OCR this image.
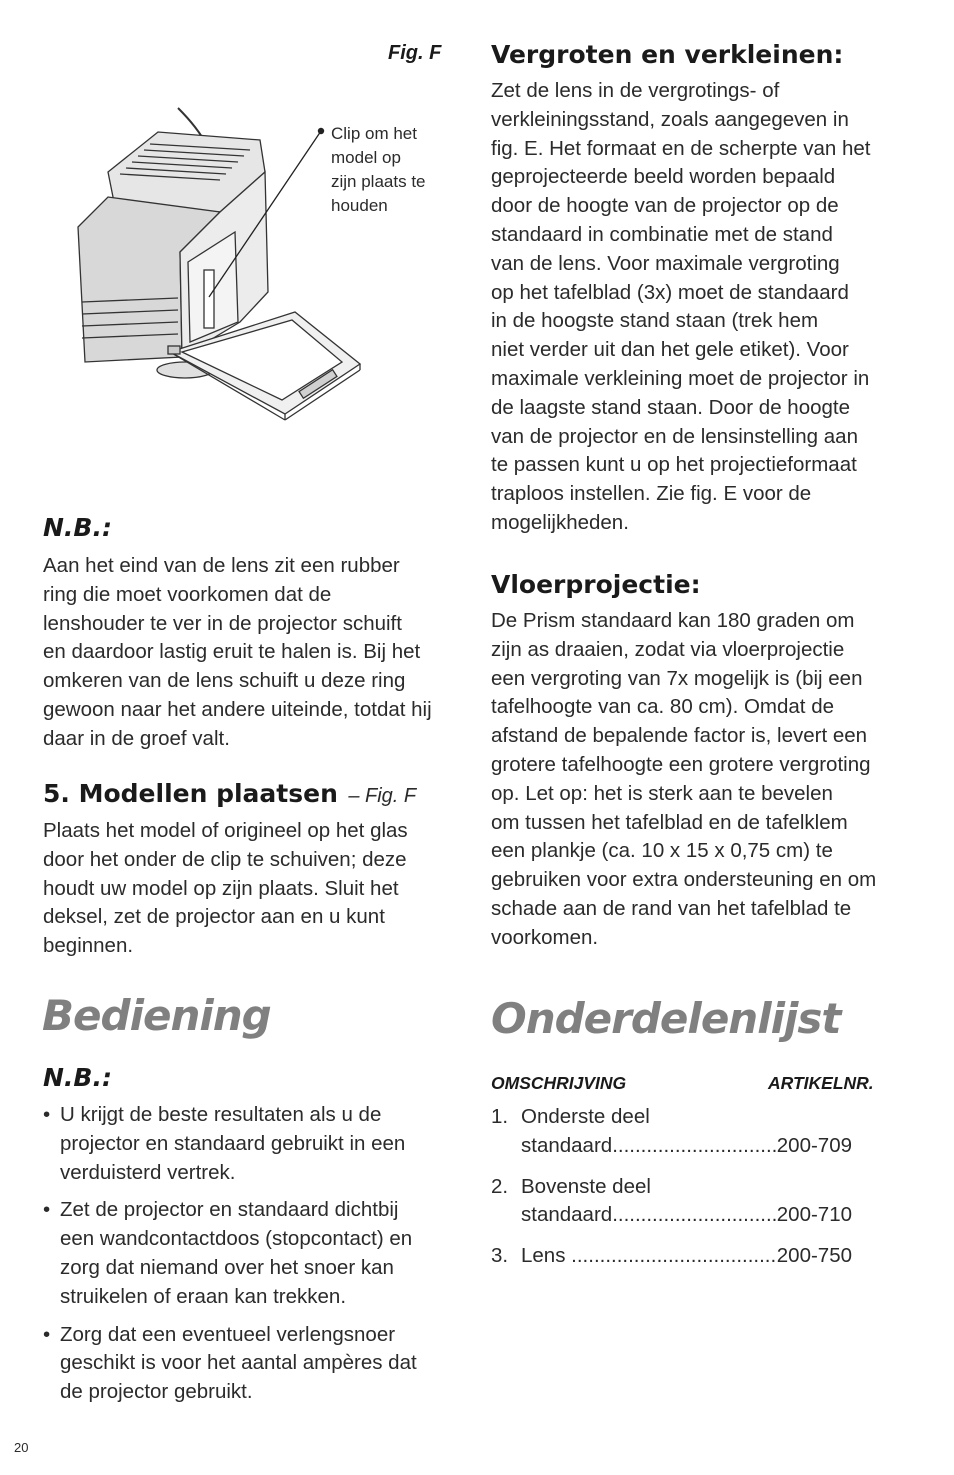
Fig. F
Clip om het
model op
zijn plaats te
houden
N.B.:
Aan het eind van de lens zit een rubber
ring die moet voorkomen dat de
lenshouder te ver in de projector schuift
en daardoor lastig eruit te halen is. Bij het
omkeren van de lens schuift u deze ring
gewoon naar het andere uiteinde, totdat hij
daar in de groef valt.
5. Modellen plaatsen – Fig. F
Plaats het model of origineel op het glas
door het onder de clip te schuiven; deze
houdt uw model op zijn plaats. Sluit het
deksel, zet de projector aan en u kunt
beginnen.
Bediening
N.B.:
• U krijgt de beste resultaten als u de
projector en standaard gebruikt in een
verduisterd vertrek.
• Zet de projector en standaard dichtbij
een wandcontactdoos (stopcontact) en
zorg dat niemand over het snoer kan
struikelen of eraan kan trekken.
• Zorg dat een eventueel verlengsnoer
geschikt is voor het aantal ampères dat
de projector gebruikt.
Vergroten en verkleinen:
Zet de lens in de vergrotings- of
verkleiningsstand, zoals aangegeven in
fig. E. Het formaat en de scherpte van het
geprojecteerde beeld worden bepaald
door de hoogte van de projector op de
standaard in combinatie met de stand
van de lens. Voor maximale vergroting
op het tafelblad (3x) moet de standaard
in de hoogste stand staan (trek hem
niet verder uit dan het gele etiket). Voor
maximale verkleining moet de projector in
de laagste stand staan. Door de hoogte
van de projector en de lensinstelling aan
te passen kunt u op het projectieformaat
traploos instellen. Zie fig. E voor de
mogelijkheden.
Vloerprojectie:
De Prism standaard kan 180 graden om
zijn as draaien, zodat via vloerprojectie
een vergroting van 7x mogelijk is (bij een
tafelhoogte van ca. 80 cm). Omdat de
afstand de bepalende factor is, levert een
grotere tafelhoogte een grotere vergroting
op. Let op: het is sterk aan te bevelen
om tussen het tafelblad en de tafelklem
een plankje (ca. 10 x 15 x 0,75 cm) te
gebruiken voor extra ondersteuning en om
schade aan de rand van het tafelblad te
voorkomen.
Onderdelenlijst
OMSCHRIJVING	ARTIKELNR.
1. Onderste deel
standaard .....	200-709
2. Bovenste deel
standaard .....	200-710
3. Lens .....	200-750
20
